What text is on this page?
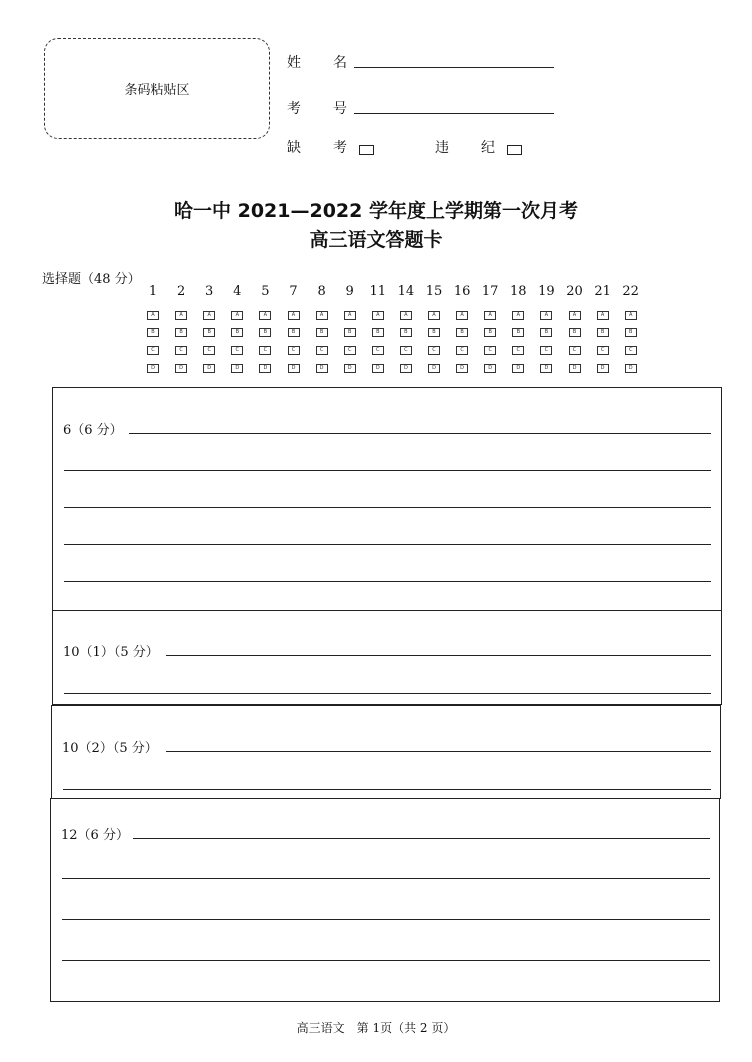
条码粘贴区
姓 名
考 号
缺 考	违 纪
哈一中 2021—2022 学年度上学期第一次月考
高三语文答题卡
选择题（48 分）
1
A
B
C
D
2
A
B
C
D
3
A
B
C
D
4
A
B
C
D
5
A
B
C
D
7
A
B
C
D
8
A
B
C
D
9
A
B
C
D
11
A
B
C
D
14
A
B
C
D
15
A
B
C
D
16
A
B
C
D
17
A
B
C
D
18
A
B
C
D
19
A
B
C
D
20
A
B
C
D
21
A
B
C
D
22
A
B
C
D
6（6 分）
10（1）（5 分）
10（2）（5 分）
12（6 分）
高三语文　第 1页（共 2 页）
